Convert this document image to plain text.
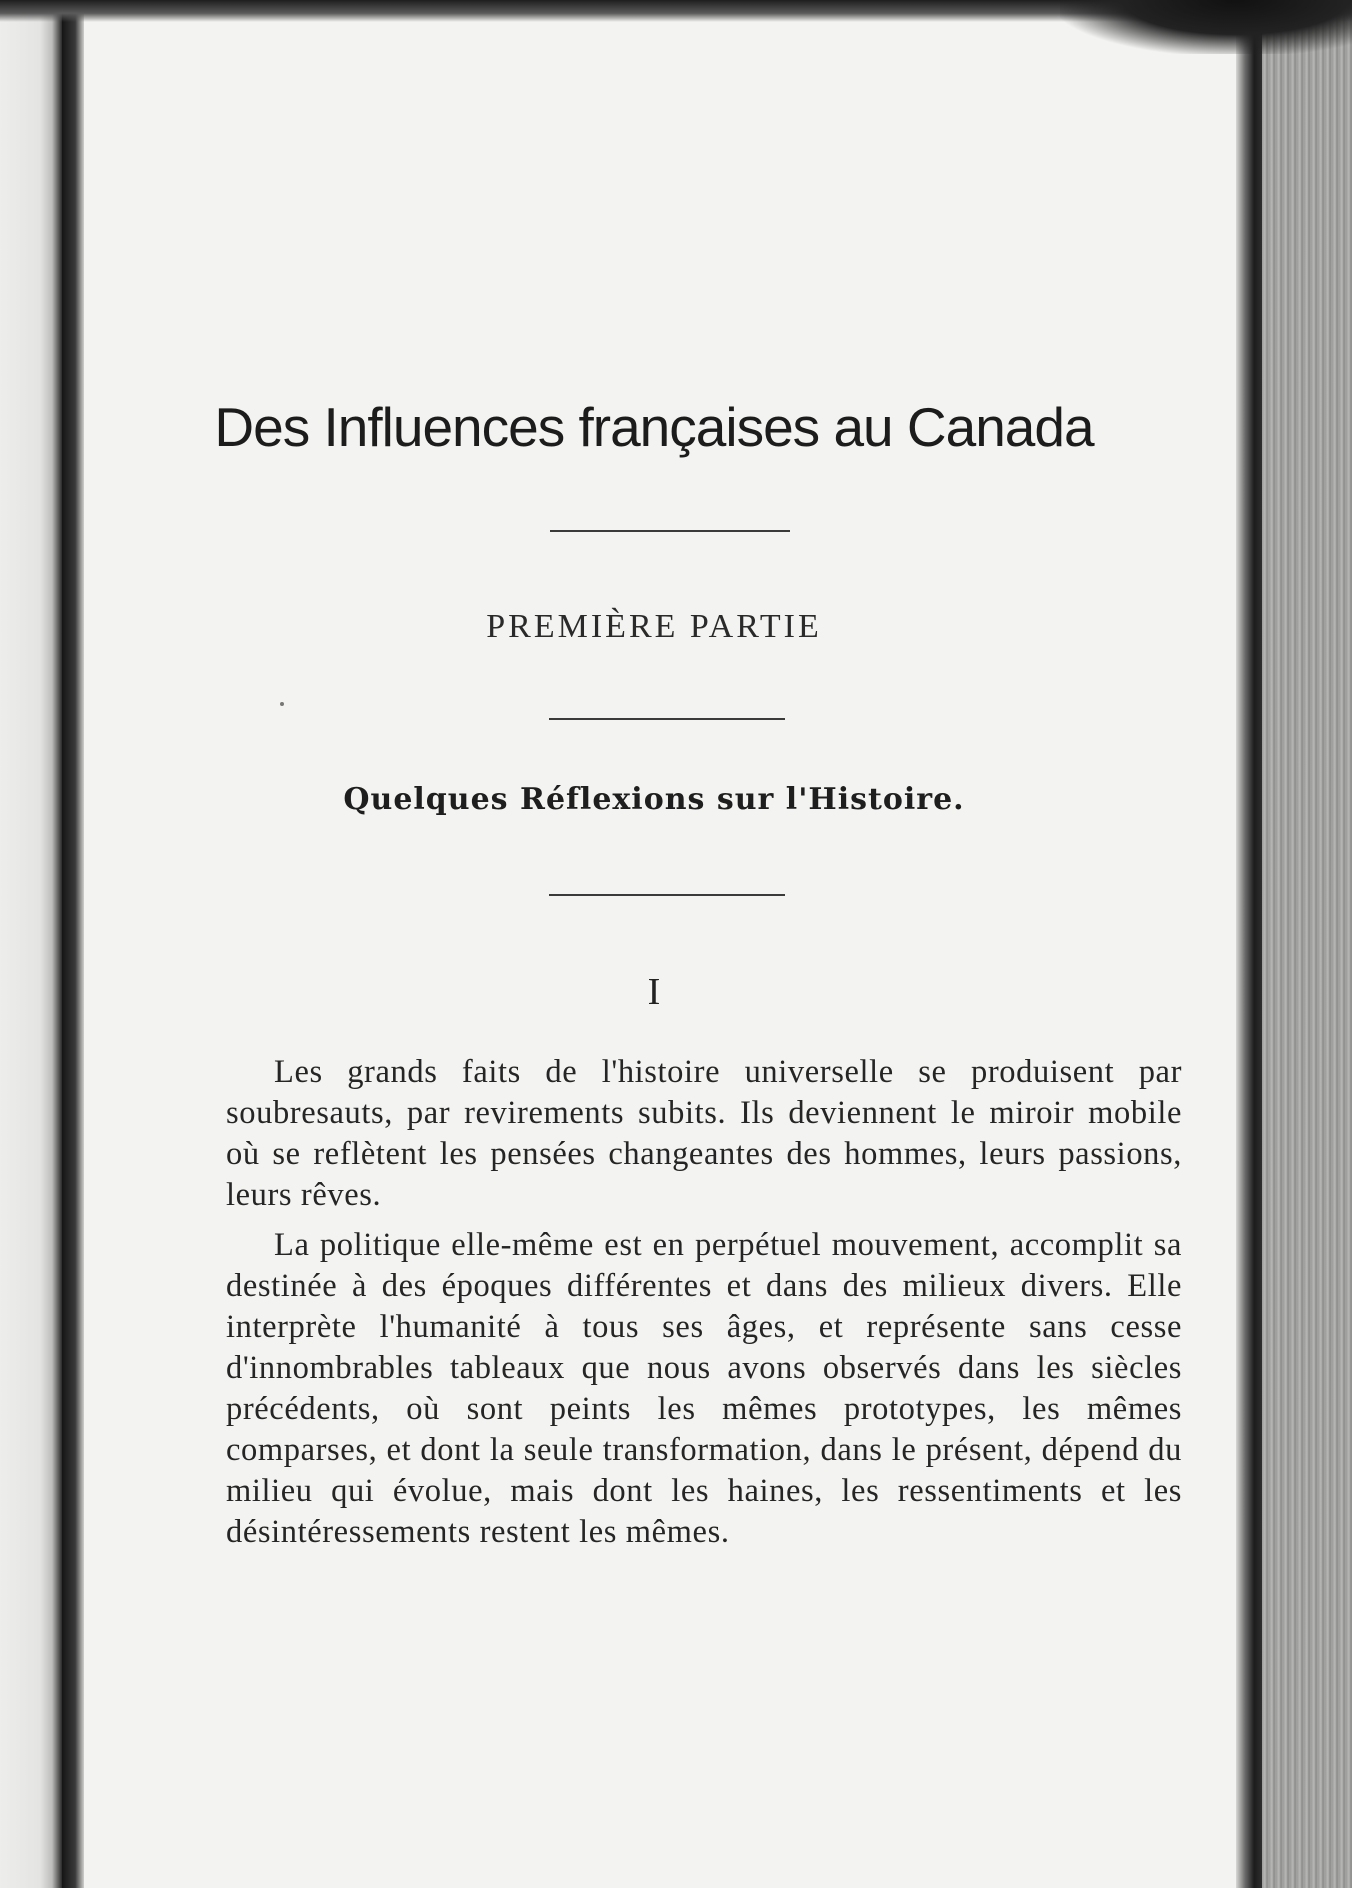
Des Influences françaises au Canada
PREMIÈRE PARTIE
Quelques Réflexions sur l'Histoire.
I

Les grands faits de l'histoire universelle se produisent par soubresauts, par revirements subits. Ils deviennent le miroir mobile où se reflètent les pensées changeantes des hommes, leurs passions, leurs rêves.

La politique elle-même est en perpétuel mouvement, accomplit sa destinée à des époques différentes et dans des milieux divers. Elle interprète l'humanité à tous ses âges, et représente sans cesse d'innombrables tableaux que nous avons observés dans les siècles précédents, où sont peints les mêmes prototypes, les mêmes comparses, et dont la seule transformation, dans le présent, dépend du milieu qui évolue, mais dont les haines, les ressentiments et les désintéressements restent les mêmes.
